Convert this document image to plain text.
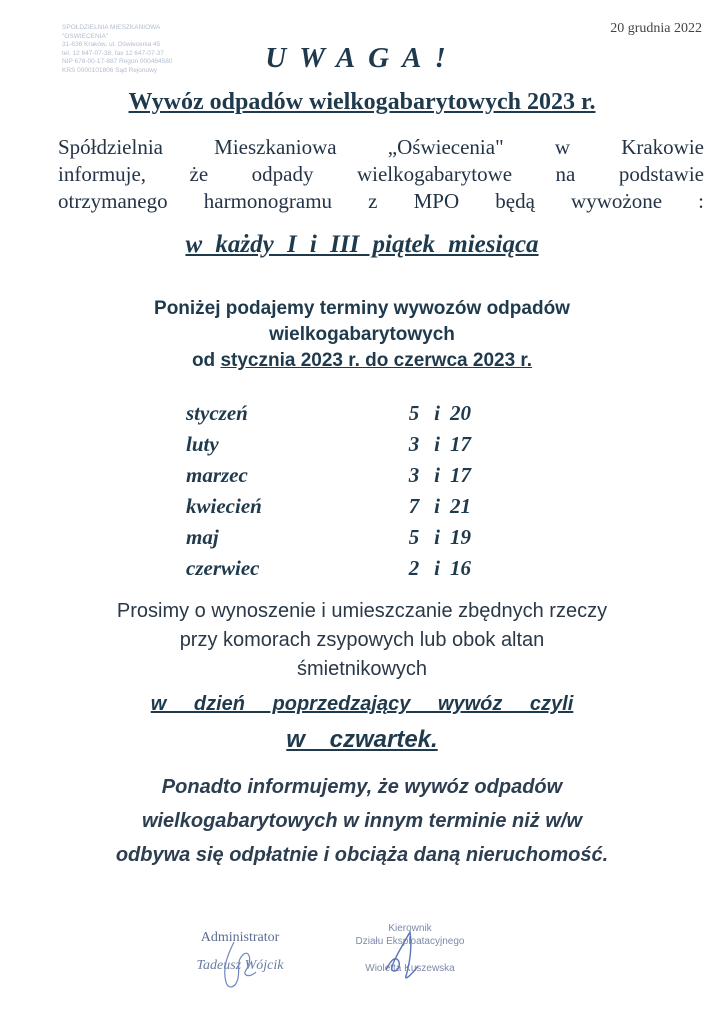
SPÓŁDZIELNIA MIESZKANIOWA
"OŚWIECENIA"
31-636 Kraków, ul. Oświecenia 45
tel. 12 647-07-38, fax 12 647-07-37
NIP 678-00-17-887 Regon 000484580
KRS 0000101806 Sąd Rejonowy
20 grudnia 2022
UWAGA!
Wywóz odpadów wielkogabarytowych 2023 r.
Spółdzielnia Mieszkaniowa „Oświecenia" w Krakowie
informuje, że odpady wielkogabarytowe na podstawie
otrzymanego harmonogramu z MPO będą wywożone :
w każdy I i III piątek miesiąca
Poniżej podajemy terminy wywozów odpadów
wielkogabarytowych
od stycznia 2023 r. do czerwca 2023 r.
styczeń	5 i 20
luty	3 i 17
marzec	3 i 17
kwiecień	7 i 21
maj	5 i 19
czerwiec	2 i 16
Prosimy o wynoszenie i umieszczanie zbędnych rzeczy
przy komorach zsypowych lub obok altan
śmietnikowych
w dzień poprzedzający wywóz czyli
w czwartek.
Ponadto informujemy, że wywóz odpadów
wielkogabarytowych w innym terminie niż w/w
odbywa się odpłatnie i obciąża daną nieruchomość.
Administrator
Tadeusz Wójcik
Kierownik
Działu Eksploatacyjnego
Wioletta Kuszewska
